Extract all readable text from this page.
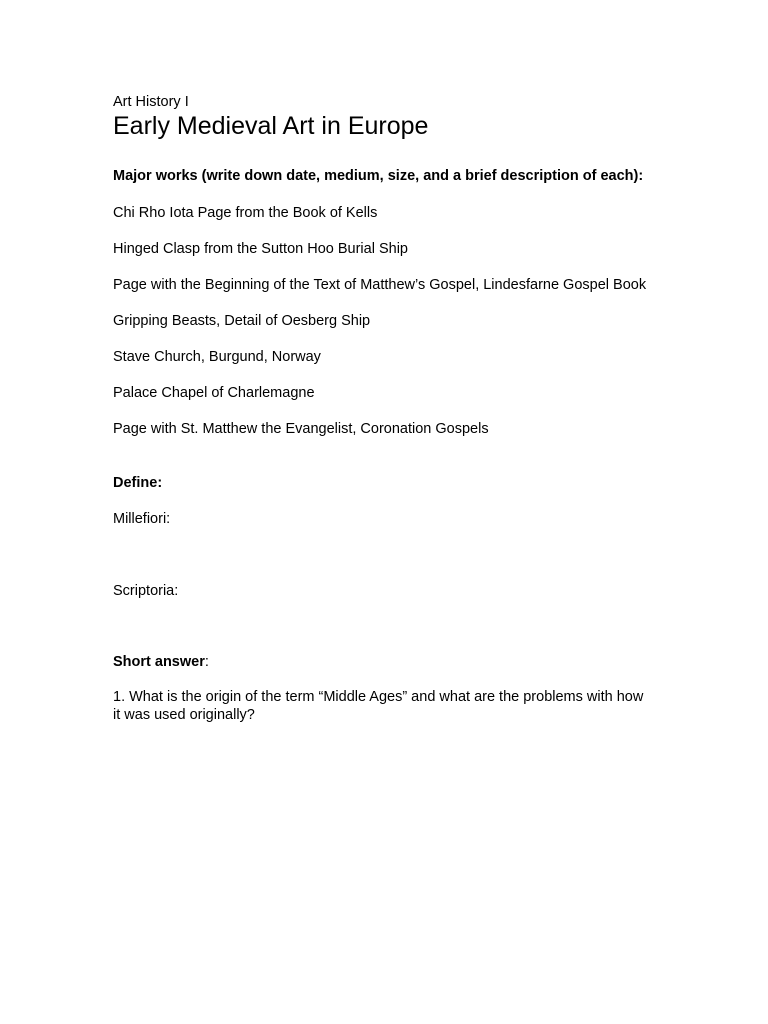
Art History I

Early Medieval Art in Europe

Major works (write down date, medium, size, and a brief description of each):

Chi Rho Iota Page from the Book of Kells

Hinged Clasp from the Sutton Hoo Burial Ship

Page with the Beginning of the Text of Matthew’s Gospel, Lindesfarne Gospel Book

Gripping Beasts, Detail of Oesberg Ship

Stave Church, Burgund, Norway

Palace Chapel of Charlemagne

Page with St. Matthew the Evangelist, Coronation Gospels

Define:

Millefiori:

Scriptoria:

Short answer:

1. What is the origin of the term “Middle Ages” and what are the problems with how it was used originally?
